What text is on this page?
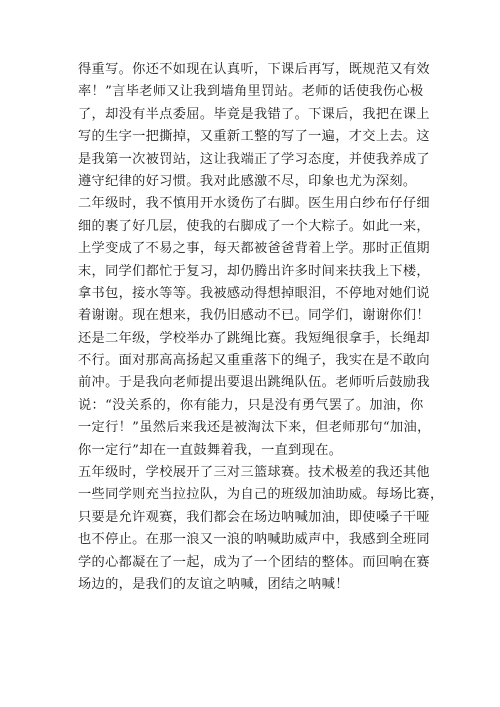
得重写。你还不如现在认真听，下课后再写，既规范又有效
率！”言毕老师又让我到墙角里罚站。老师的话使我伤心极
了，却没有半点委屈。毕竟是我错了。下课后，我把在课上
写的生字一把撕掉，又重新工整的写了一遍，才交上去。这
是我第一次被罚站，这让我端正了学习态度，并使我养成了
遵守纪律的好习惯。我对此感激不尽，印象也尤为深刻。
二年级时，我不慎用开水烫伤了右脚。医生用白纱布仔仔细
细的裹了好几层，使我的右脚成了一个大粽子。如此一来，
上学变成了不易之事，每天都被爸爸背着上学。那时正值期
末，同学们都忙于复习，却仍腾出许多时间来扶我上下楼，
拿书包，接水等等。我被感动得想掉眼泪，不停地对她们说
着谢谢。现在想来，我仍旧感动不已。同学们，谢谢你们！
还是二年级，学校举办了跳绳比赛。我短绳很拿手，长绳却
不行。面对那高高扬起又重重落下的绳子，我实在是不敢向
前冲。于是我向老师提出要退出跳绳队伍。老师听后鼓励我
说：“没关系的，你有能力，只是没有勇气罢了。加油，你
一定行！”虽然后来我还是被淘汰下来，但老师那句“加油，
你一定行”却在一直鼓舞着我，一直到现在。
五年级时，学校展开了三对三篮球赛。技术极差的我还其他
一些同学则充当拉拉队，为自己的班级加油助威。每场比赛，
只要是允许观赛，我们都会在场边呐喊加油，即使嗓子干哑
也不停止。在那一浪又一浪的呐喊助威声中，我感到全班同
学的心都凝在了一起，成为了一个团结的整体。而回响在赛
场边的，是我们的友谊之呐喊，团结之呐喊！
